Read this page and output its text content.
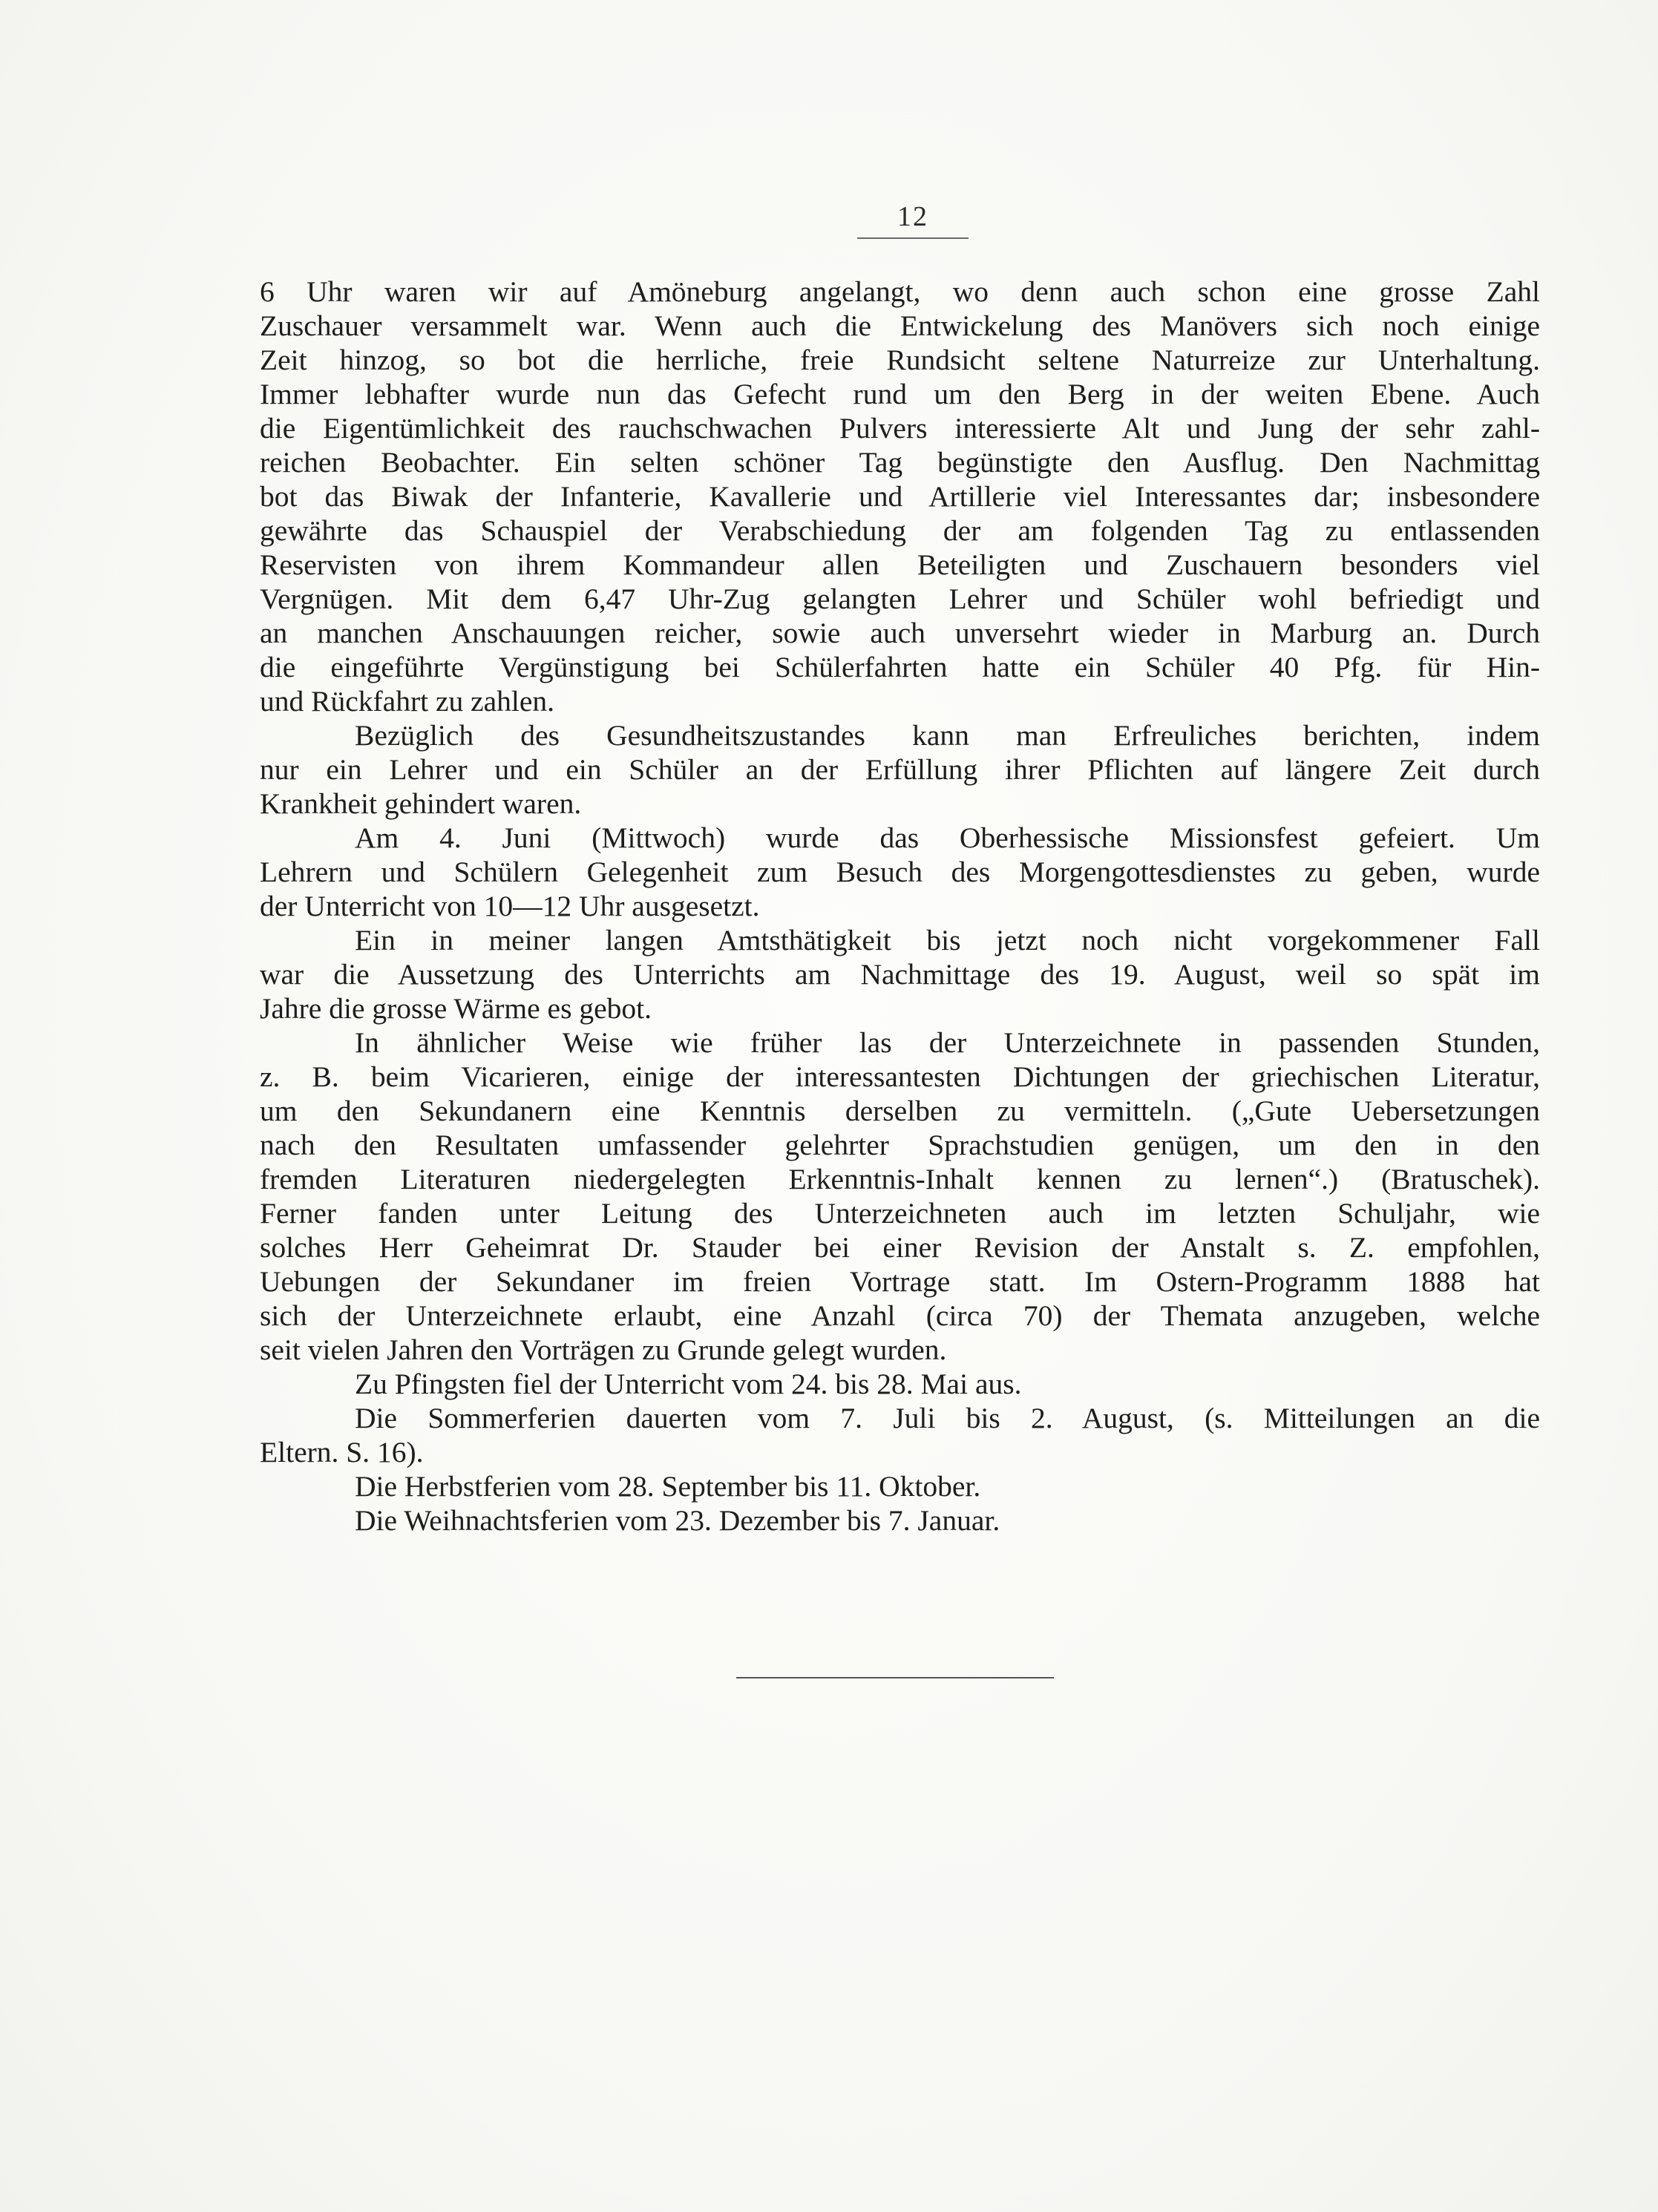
12
6 Uhr waren wir auf Amöneburg angelangt, wo denn auch schon eine grosse Zahl
Zuschauer versammelt war. Wenn auch die Entwickelung des Manövers sich noch einige
Zeit hinzog, so bot die herrliche, freie Rundsicht seltene Naturreize zur Unterhaltung.
Immer lebhafter wurde nun das Gefecht rund um den Berg in der weiten Ebene. Auch
die Eigentümlichkeit des rauchschwachen Pulvers interessierte Alt und Jung der sehr zahl-
reichen Beobachter. Ein selten schöner Tag begünstigte den Ausflug. Den Nachmittag
bot das Biwak der Infanterie, Kavallerie und Artillerie viel Interessantes dar; insbesondere
gewährte das Schauspiel der Verabschiedung der am folgenden Tag zu entlassenden
Reservisten von ihrem Kommandeur allen Beteiligten und Zuschauern besonders viel
Vergnügen. Mit dem 6,47 Uhr-Zug gelangten Lehrer und Schüler wohl befriedigt und
an manchen Anschauungen reicher, sowie auch unversehrt wieder in Marburg an. Durch
die eingeführte Vergünstigung bei Schülerfahrten hatte ein Schüler 40 Pfg. für Hin-
und Rückfahrt zu zahlen.
Bezüglich des Gesundheitszustandes kann man Erfreuliches berichten, indem
nur ein Lehrer und ein Schüler an der Erfüllung ihrer Pflichten auf längere Zeit durch
Krankheit gehindert waren.
Am 4. Juni (Mittwoch) wurde das Oberhessische Missionsfest gefeiert. Um
Lehrern und Schülern Gelegenheit zum Besuch des Morgengottesdienstes zu geben, wurde
der Unterricht von 10—12 Uhr ausgesetzt.
Ein in meiner langen Amtsthätigkeit bis jetzt noch nicht vorgekommener Fall
war die Aussetzung des Unterrichts am Nachmittage des 19. August, weil so spät im
Jahre die grosse Wärme es gebot.
In ähnlicher Weise wie früher las der Unterzeichnete in passenden Stunden,
z. B. beim Vicarieren, einige der interessantesten Dichtungen der griechischen Literatur,
um den Sekundanern eine Kenntnis derselben zu vermitteln. („Gute Uebersetzungen
nach den Resultaten umfassender gelehrter Sprachstudien genügen, um den in den
fremden Literaturen niedergelegten Erkenntnis-Inhalt kennen zu lernen“.) (Bratuschek).
Ferner fanden unter Leitung des Unterzeichneten auch im letzten Schuljahr, wie
solches Herr Geheimrat Dr. Stauder bei einer Revision der Anstalt s. Z. empfohlen,
Uebungen der Sekundaner im freien Vortrage statt. Im Ostern-Programm 1888 hat
sich der Unterzeichnete erlaubt, eine Anzahl (circa 70) der Themata anzugeben, welche
seit vielen Jahren den Vorträgen zu Grunde gelegt wurden.
Zu Pfingsten fiel der Unterricht vom 24. bis 28. Mai aus.
Die Sommerferien dauerten vom 7. Juli bis 2. August, (s. Mitteilungen an die
Eltern. S. 16).
Die Herbstferien vom 28. September bis 11. Oktober.
Die Weihnachtsferien vom 23. Dezember bis 7. Januar.
